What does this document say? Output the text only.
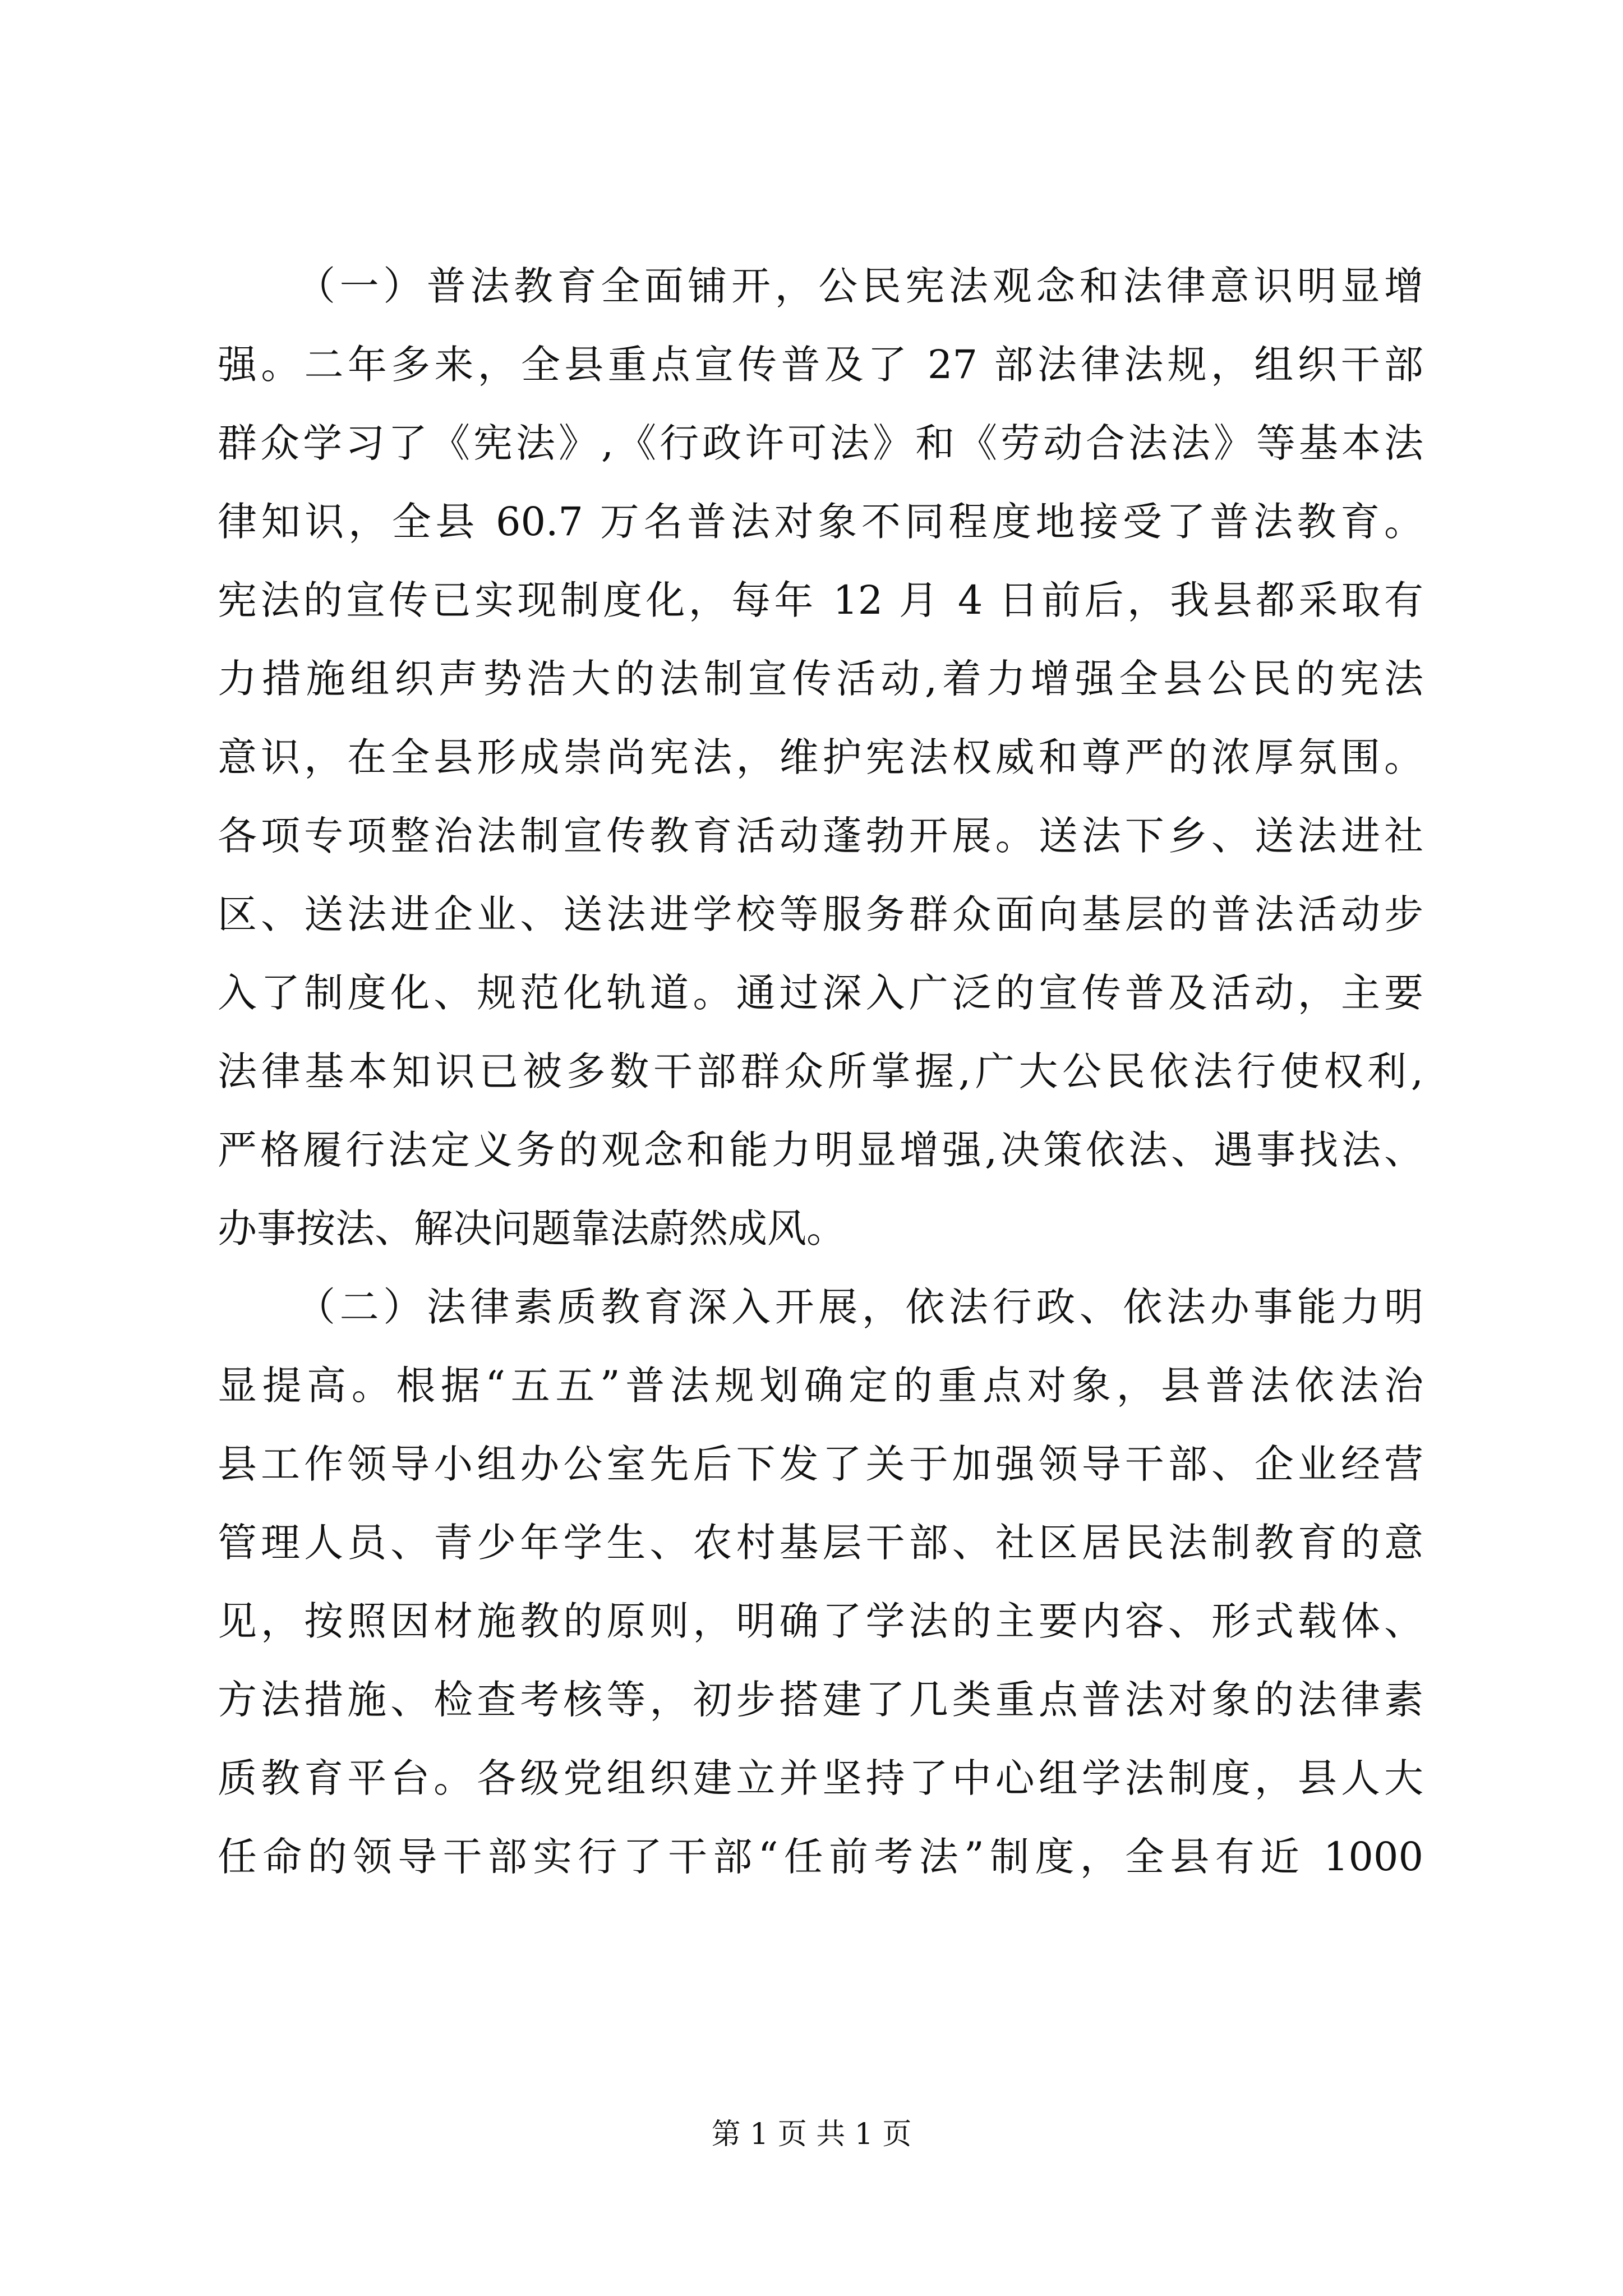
（一）普法教育全面铺开，公民宪法观念和法律意识明显增
强。二年多来，全县重点宣传普及了 27 部法律法规，组织干部
群众学习了《宪法》,《行政许可法》和《劳动合法法》等基本法
律知识，全县 60.7 万名普法对象不同程度地接受了普法教育。
宪法的宣传已实现制度化，每年 12 月 4 日前后，我县都采取有
力措施组织声势浩大的法制宣传活动,着力增强全县公民的宪法
意识，在全县形成崇尚宪法，维护宪法权威和尊严的浓厚氛围。
各项专项整治法制宣传教育活动蓬勃开展。送法下乡、送法进社
区、送法进企业、送法进学校等服务群众面向基层的普法活动步
入了制度化、规范化轨道。通过深入广泛的宣传普及活动，主要
法律基本知识已被多数干部群众所掌握,广大公民依法行使权利,
严格履行法定义务的观念和能力明显增强,决策依法、遇事找法、
办事按法、解决问题靠法蔚然成风。
（二）法律素质教育深入开展，依法行政、依法办事能力明
显提高。根据“五五”普法规划确定的重点对象，县普法依法治
县工作领导小组办公室先后下发了关于加强领导干部、企业经营
管理人员、青少年学生、农村基层干部、社区居民法制教育的意
见，按照因材施教的原则，明确了学法的主要内容、形式载体、
方法措施、检查考核等，初步搭建了几类重点普法对象的法律素
质教育平台。各级党组织建立并坚持了中心组学法制度，县人大
任命的领导干部实行了干部“任前考法”制度，全县有近 1000
第 1 页 共 1 页
